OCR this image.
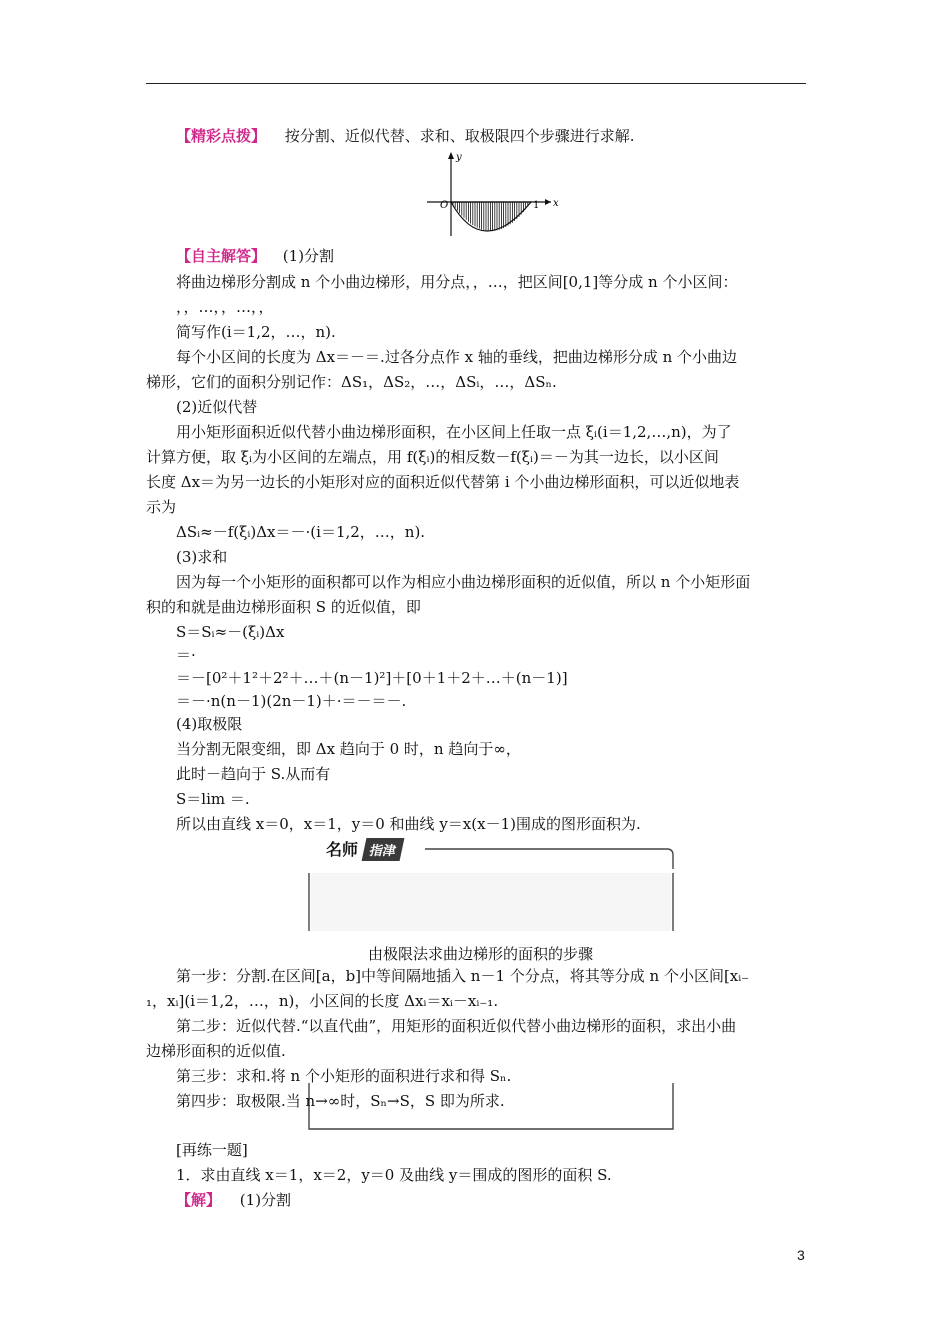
【精彩点拨】 按分割、近似代替、求和、取极限四个步骤进行求解.
y
x
O	1
【自主解答】 (1)分割
将曲边梯形分割成 n 个小曲边梯形，用分点，，…，把区间[0,1]等分成 n 个小区间：
，，…，，…，，
简写作(i＝1,2，…，n).
每个小区间的长度为 Δx＝－＝.过各分点作 x 轴的垂线，把曲边梯形分成 n 个小曲边
梯形，它们的面积分别记作：ΔS₁，ΔS₂，…，ΔSᵢ，…，ΔSₙ.
(2)近似代替
用小矩形面积近似代替小曲边梯形面积，在小区间上任取一点 ξᵢ(i＝1,2,…,n)，为了
计算方便，取 ξᵢ为小区间的左端点，用 f(ξᵢ)的相反数－f(ξᵢ)＝－为其一边长，以小区间
长度 Δx＝为另一边长的小矩形对应的面积近似代替第 i 个小曲边梯形面积，可以近似地表
示为
ΔSᵢ≈－f(ξᵢ)Δx＝－·(i＝1,2，…，n).
(3)求和
因为每一个小矩形的面积都可以作为相应小曲边梯形面积的近似值，所以 n 个小矩形面
积的和就是曲边梯形面积 S 的近似值，即
S＝Sᵢ≈－(ξᵢ)Δx
＝·
＝－[0²＋1²＋2²＋…＋(n－1)²]＋[0＋1＋2＋…＋(n－1)]
＝－·n(n－1)(2n－1)＋·＝－＝－.
(4)取极限
当分割无限变细，即 Δx 趋向于 0 时，n 趋向于∞，
此时－趋向于 S.从而有
S＝lim ＝.
所以由直线 x＝0，x＝1，y＝0 和曲线 y＝x(x－1)围成的图形面积为.
名师 指津
由极限法求曲边梯形的面积的步骤
第一步：分割.在区间[a，b]中等间隔地插入 n－1 个分点，将其等分成 n 个小区间[xᵢ₋
₁，xᵢ](i＝1,2，…，n)，小区间的长度 Δxᵢ＝xᵢ－xᵢ₋₁.
第二步：近似代替.“以直代曲”，用矩形的面积近似代替小曲边梯形的面积，求出小曲
边梯形面积的近似值.
第三步：求和.将 n 个小矩形的面积进行求和得 Sₙ.
第四步：取极限.当 n→∞时，Sₙ→S，S 即为所求.
[再练一题]
1．求由直线 x＝1，x＝2，y＝0 及曲线 y＝围成的图形的面积 S.
【解】 (1)分割
3
